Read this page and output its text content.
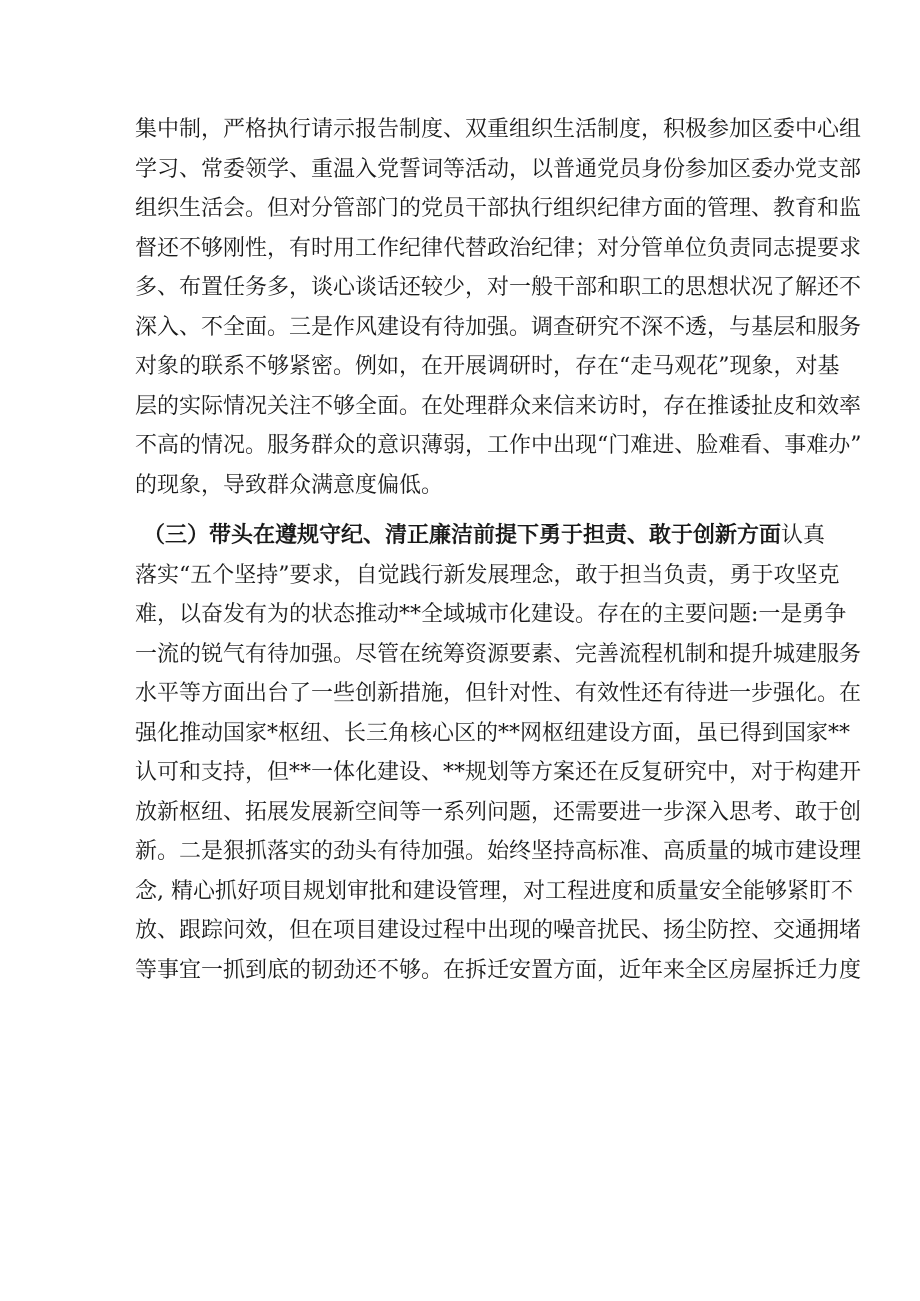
集中制，严格执行请示报告制度、双重组织生活制度，积极参加区委中心组
学习、常委领学、重温入党誓词等活动，以普通党员身份参加区委办党支部
组织生活会。但对分管部门的党员干部执行组织纪律方面的管理、教育和监
督还不够刚性，有时用工作纪律代替政治纪律；对分管单位负责同志提要求
多、布置任务多，谈心谈话还较少，对一般干部和职工的思想状况了解还不
深入、不全面。三是作风建设有待加强。调查研究不深不透，与基层和服务
对象的联系不够紧密。例如，在开展调研时，存在“走马观花”现象，对基
层的实际情况关注不够全面。在处理群众来信来访时，存在推诿扯皮和效率
不高的情况。服务群众的意识薄弱，工作中出现“门难进、脸难看、事难办”
的现象，导致群众满意度偏低。
（三）带头在遵规守纪、清正廉洁前提下勇于担责、敢于创新方面认真
落实“五个坚持”要求，自觉践行新发展理念，敢于担当负责，勇于攻坚克
难，以奋发有为的状态推动**全域城市化建设。存在的主要问题:一是勇争
一流的锐气有待加强。尽管在统筹资源要素、完善流程机制和提升城建服务
水平等方面出台了一些创新措施，但针对性、有效性还有待进一步强化。在
强化推动国家*枢纽、长三角核心区的**网枢纽建设方面，虽已得到国家**
认可和支持，但**一体化建设、**规划等方案还在反复研究中，对于构建开
放新枢纽、拓展发展新空间等一系列问题，还需要进一步深入思考、敢于创
新。二是狠抓落实的劲头有待加强。始终坚持高标准、高质量的城市建设理
念, 精心抓好项目规划审批和建设管理，对工程进度和质量安全能够紧盯不
放、跟踪问效，但在项目建设过程中出现的噪音扰民、扬尘防控、交通拥堵
等事宜一抓到底的韧劲还不够。在拆迁安置方面，近年来全区房屋拆迁力度
